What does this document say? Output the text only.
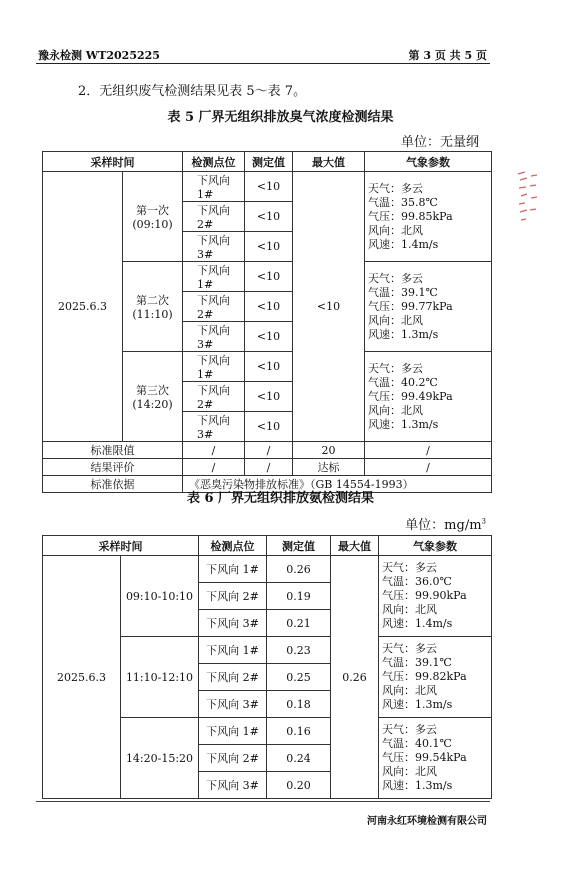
豫永检测 WT2025225	第 3 页 共 5 页
2．无组织废气检测结果见表 5～表 7。
表 5 厂界无组织排放臭气浓度检测结果
单位：无量纲
采样时间		检测点位	测定值	最大值	气象参数
2025.6.3	第一次
(09:10)	下风向 1#	<10	<10	天气：多云
气温：35.8℃
气压：99.85kPa
风向：北风
风速：1.4m/s

		下风向 2#	<10		
		下风向 3#	<10		
	第二次
(11:10)	下风向 1#	<10		天气：多云
气温：39.1℃
气压：99.77kPa
风向：北风
风速：1.3m/s

		下风向 2#	<10		
		下风向 3#	<10		
	第三次
(14:20)	下风向 1#	<10		天气：多云
气温：40.2℃
气压：99.49kPa
风向：北风
风速：1.3m/s

		下风向 2#	<10		
		下风向 3#	<10		
标准限值		/	/	20	/
结果评价		/	/	达标	/
标准依据		《恶臭污染物排放标准》（GB 14554-1993）			
表 6 厂界无组织排放氨检测结果
单位：$mg/m^3$
采样时间		检测点位	测定值	最大值	气象参数
2025.6.3	09:10-10:10	下风向 1#	0.26	0.26	天气：多云
气温：36.0℃
气压：99.90kPa
风向：北风
风速：1.4m/s

		下风向 2#	0.19		
		下风向 3#	0.21		
	11:10-12:10	下风向 1#	0.23		天气：多云
气温：39.1℃
气压：99.82kPa
风向：北风
风速：1.3m/s

		下风向 2#	0.25		
		下风向 3#	0.18		
	14:20-15:20	下风向 1#	0.16		天气：多云
气温：40.1℃
气压：99.54kPa
风向：北风
风速：1.3m/s

		下风向 2#	0.24		
		下风向 3#	0.20		
河南永红环境检测有限公司
